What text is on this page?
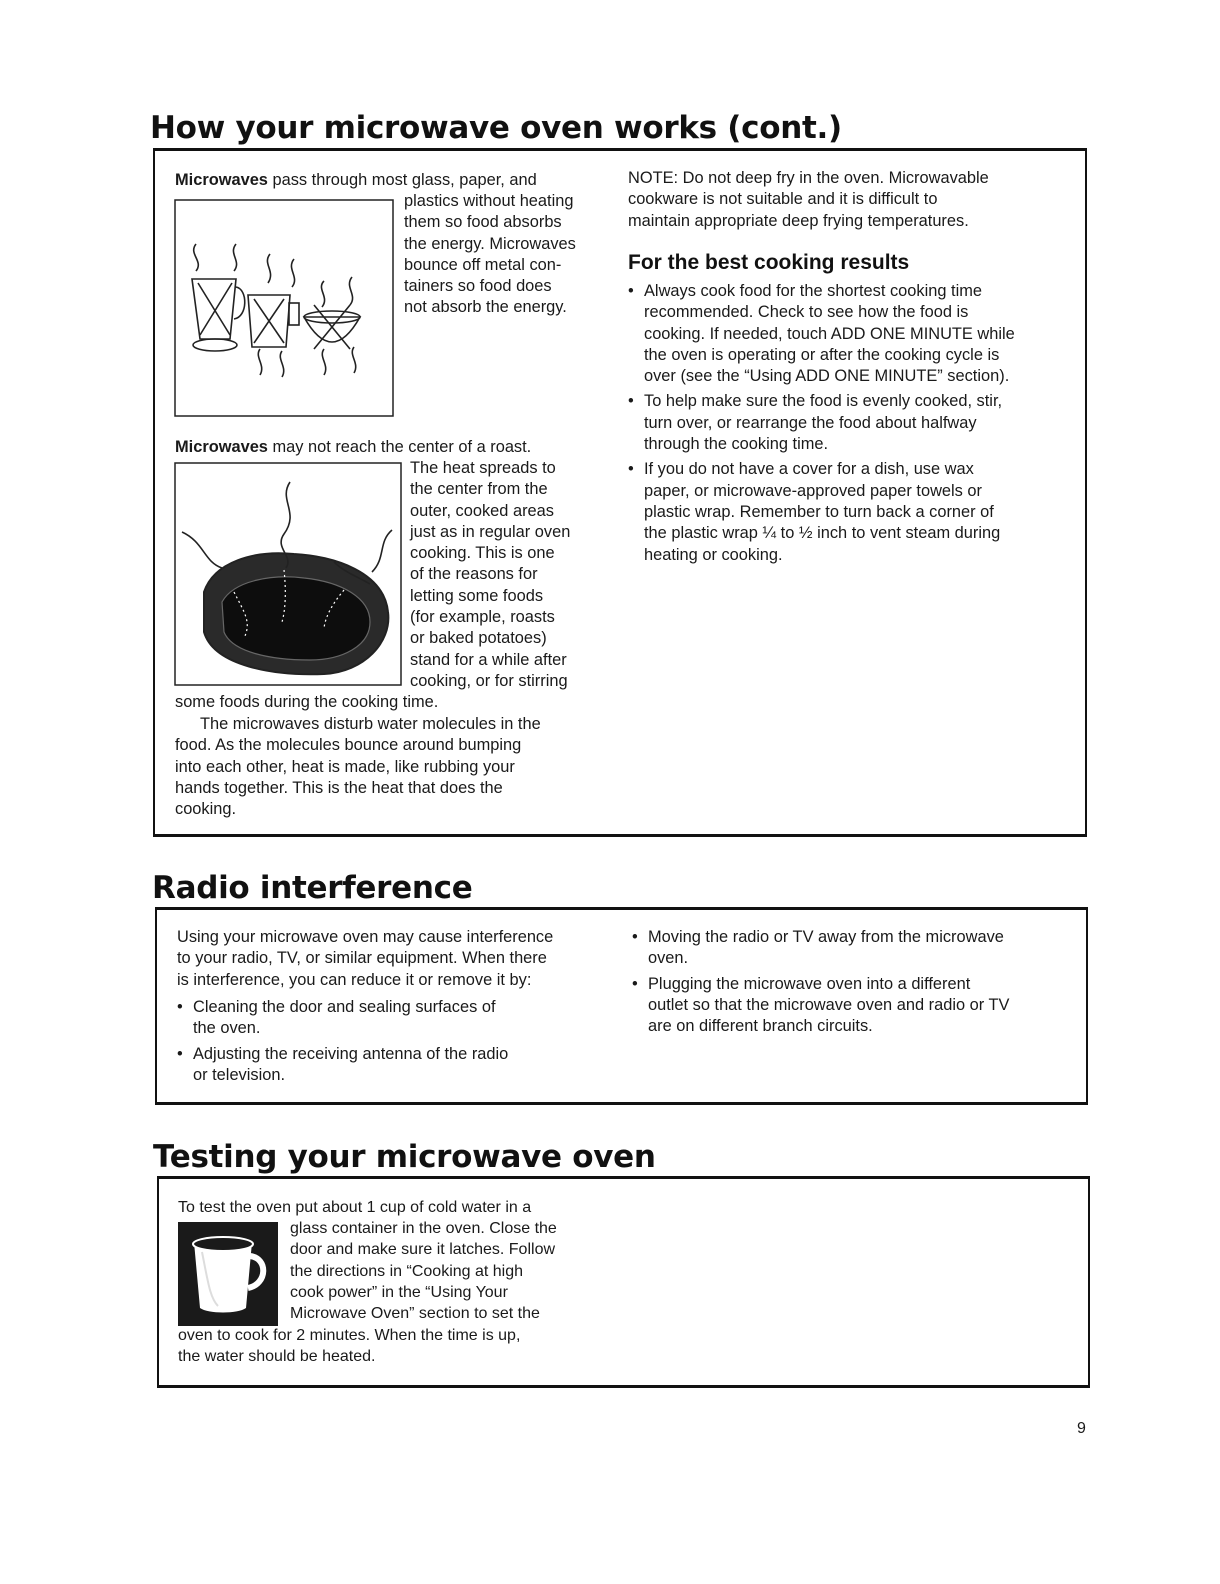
How your microwave oven works (cont.)

Microwaves pass through most glass, paper, and

plastics without heating

them so food absorbs

the energy. Microwaves

bounce off metal con-

tainers so food does

not absorb the energy.

Microwaves may not reach the center of a roast.

The heat spreads to

the center from the

outer, cooked areas

just as in regular oven

cooking. This is one

of the reasons for

letting some foods

(for example, roasts

or baked potatoes)

stand for a while after

cooking, or for stirring

some foods during the cooking time.

The microwaves disturb water molecules in the

food. As the molecules bounce around bumping

into each other, heat is made, like rubbing your

hands together. This is the heat that does the

cooking.

NOTE: Do not deep fry in the oven. Microwavable

cookware is not suitable and it is difficult to

maintain appropriate deep frying temperatures.

For the best cooking results
• Always cook food for the shortest cooking time

recommended. Check to see how the food is

cooking. If needed, touch ADD ONE MINUTE while

the oven is operating or after the cooking cycle is

over (see the “Using ADD ONE MINUTE” section).

• To help make sure the food is evenly cooked, stir,

turn over, or rearrange the food about halfway

through the cooking time.

• If you do not have a cover for a dish, use wax

paper, or microwave-approved paper towels or

plastic wrap. Remember to turn back a corner of

the plastic wrap ¼ to ½ inch to vent steam during

heating or cooking.

Radio interference

Using your microwave oven may cause interference

to your radio, TV, or similar equipment. When there

is interference, you can reduce it or remove it by:

• Cleaning the door and sealing surfaces of

the oven.

• Adjusting the receiving antenna of the radio

or television.

• Moving the radio or TV away from the microwave

oven.

• Plugging the microwave oven into a different

outlet so that the microwave oven and radio or TV

are on different branch circuits.

Testing your microwave oven

To test the oven put about 1 cup of cold water in a

glass container in the oven. Close the

door and make sure it latches. Follow

the directions in “Cooking at high

cook power” in the “Using Your

Microwave Oven” section to set the

oven to cook for 2 minutes. When the time is up,

the water should be heated.

9
